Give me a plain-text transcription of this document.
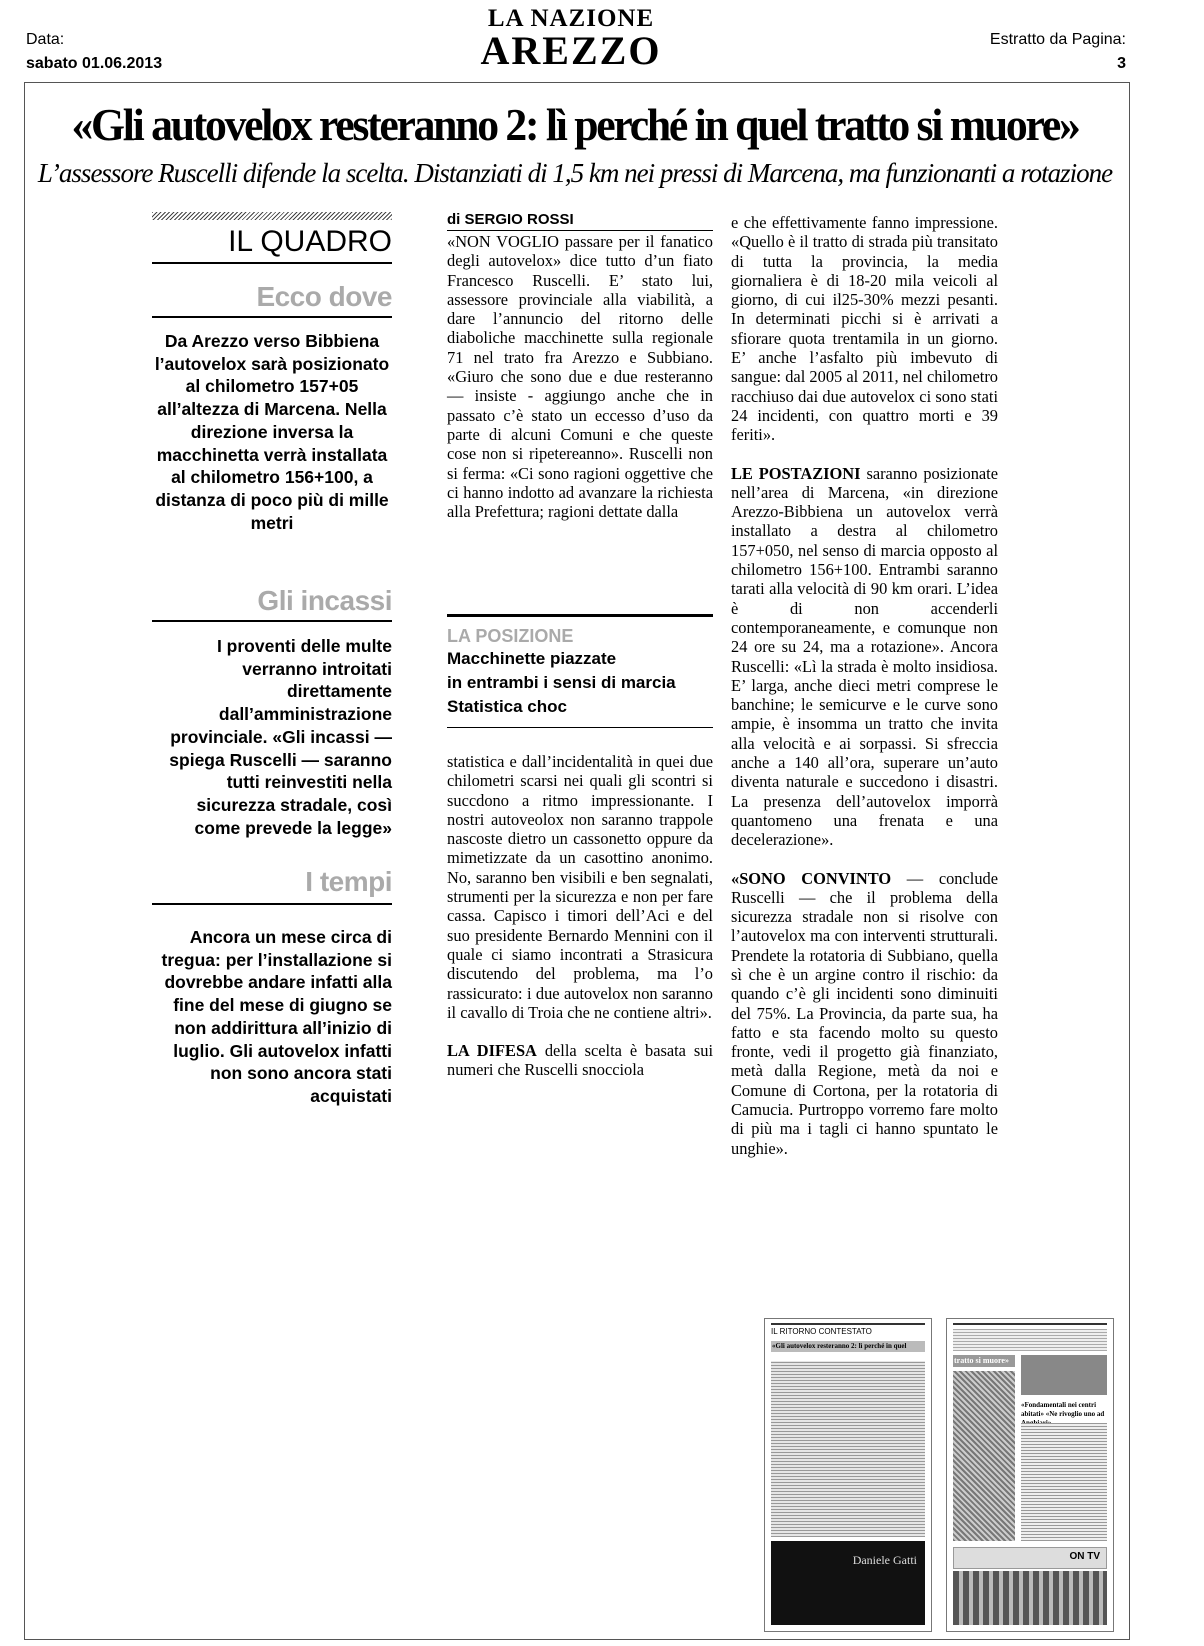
Data:
sabato 01.06.2013
LA NAZIONE
AREZZO	Estratto da Pagina:
3
«Gli autovelox resteranno 2: lì perché in quel tratto si muore»
L’assessore Ruscelli difende la scelta. Distanziati di 1,5 km nei pressi di Marcena, ma funzionanti a rotazione
IL QUADRO
Ecco dove
Da Arezzo verso Bibbiena l’autovelox sarà posizionato al chilometro 157+05 all’altezza di Marcena. Nella direzione inversa la macchinetta verrà installata al chilometro 156+100, a distanza di poco più di mille metri
Gli incassi
I proventi delle multe verranno introitati direttamente dall’amministrazione provinciale. «Gli incassi — spiega Ruscelli — saranno tutti reinvestiti nella sicurezza stradale, così come prevede la legge»
I tempi
Ancora un mese circa di tregua: per l’installazione si dovrebbe andare infatti alla fine del mese di giugno se non addirittura all’inizio di luglio. Gli autovelox infatti non sono ancora stati acquistati
di SERGIO ROSSI

«NON VOGLIO passare per il fanatico degli autovelox» dice tutto d’un fiato Francesco Ruscelli. E’ stato lui, assessore provinciale alla viabilità, a dare l’annuncio del ritorno delle diaboliche macchinette sulla regionale 71 nel trato fra Arezzo e Subbiano. «Giuro che sono due e due resteranno — insiste - aggiungo anche che in passato c’è stato un eccesso d’uso da parte di alcuni Comuni e che queste cose non si ripetereanno». Ruscelli non si ferma: «Ci sono ragioni oggettive che ci hanno indotto ad avanzare la richiesta alla Prefettura; ragioni dettate dalla

LA POSIZIONE
Macchinette piazzate
in entrambi i sensi di marcia
Statistica choc

statistica e dall’incidentalità in quei due chilometri scarsi nei quali gli scontri si succdono a ritmo impressionante. I nostri autoveolox non saranno trappole nascoste dietro un cassonetto oppure da mimetizzate da un casottino anonimo. No, saranno ben visibili e ben segnalati, strumenti per la sicurezza e non per fare cassa. Capisco i timori dell’Aci e del suo presidente Bernardo Mennini con il quale ci siamo incontrati a Strasicura discutendo del problema, ma l’o rassicurato: i due autovelox non saranno il cavallo di Troia che ne contiene altri».

LA DIFESA della scelta è basata sui numeri che Ruscelli snocciola

e che effettivamente fanno impressione. «Quello è il tratto di strada più transitato di tutta la provincia, la media giornaliera è di 18-20 mila veicoli al giorno, di cui il25-30% mezzi pesanti. In determinati picchi si è arrivati a sfiorare quota trentamila in un giorno. E’ anche l’asfalto più imbevuto di sangue: dal 2005 al 2011, nel chilometro racchiuso dai due autovelox ci sono stati 24 incidenti, con quattro morti e 39 feriti».

LE POSTAZIONI saranno posizionate nell’area di Marcena, «in direzione Arezzo-Bibbiena un autovelox verrà installato a destra al chilometro 157+050, nel senso di marcia opposto al chilometro 156+100. Entrambi saranno tarati alla velocità di 90 km orari. L’idea è di non accenderli contemporaneamente, e comunque non 24 ore su 24, ma a rotazione». Ancora Ruscelli: «Lì la strada è molto insidiosa. E’ larga, anche dieci metri comprese le banchine; le semicurve e le curve sono ampie, è insomma un tratto che invita alla velocità e ai sorpassi. Si sfreccia anche a 140 all’ora, superare un’auto diventa naturale e succedono i disastri. La presenza dell’autovelox imporrà quantomeno una frenata e una decelerazione».

«SONO CONVINTO — conclude Ruscelli — che il problema della sicurezza stradale non si risolve con l’autovelox ma con interventi strutturali. Prendete la rotatoria di Subbiano, quella sì che è un argine contro il rischio: da quando c’è gli incidenti sono diminuiti del 75%. La Provincia, da parte sua, ha fatto e sta facendo molto su questo fronte, vedi il progetto già finanziato, metà dalla Regione, metà da noi e Comune di Cortona, per la rotatoria di Camucia. Purtroppo vorremo fare molto di più ma i tagli ci hanno spuntato le unghie».

IL RITORNO CONTESTATO
«Gli autovelox resteranno 2: lì perché in quel
Daniele Gatti
tratto si muore»
«Fondamentali nei centri abitati» «Ne rivoglio uno ad
ON TV
